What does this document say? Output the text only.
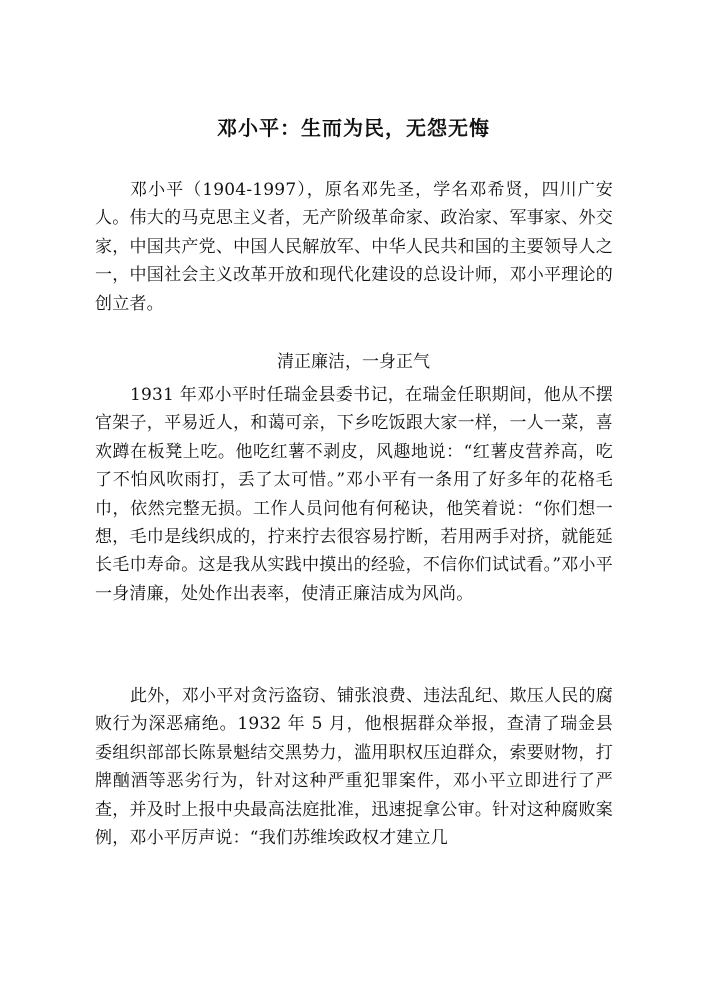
邓小平：生而为民，无怨无悔

邓小平（1904-1997），原名邓先圣，学名邓希贤，四川广安人。伟大的马克思主义者，无产阶级革命家、政治家、军事家、外交家，中国共产党、中国人民解放军、中华人民共和国的主要领导人之一，中国社会主义改革开放和现代化建设的总设计师，邓小平理论的创立者。

清正廉洁，一身正气

1931 年邓小平时任瑞金县委书记，在瑞金任职期间，他从不摆官架子，平易近人，和蔼可亲，下乡吃饭跟大家一样，一人一菜，喜欢蹲在板凳上吃。他吃红薯不剥皮，风趣地说：“红薯皮营养高，吃了不怕风吹雨打，丢了太可惜。”邓小平有一条用了好多年的花格毛巾，依然完整无损。工作人员问他有何秘诀，他笑着说：“你们想一想，毛巾是线织成的，拧来拧去很容易拧断，若用两手对挤，就能延长毛巾寿命。这是我从实践中摸出的经验，不信你们试试看。”邓小平一身清廉，处处作出表率，使清正廉洁成为风尚。

此外，邓小平对贪污盗窃、铺张浪费、违法乱纪、欺压人民的腐败行为深恶痛绝。1932 年 5 月，他根据群众举报，查清了瑞金县委组织部部长陈景魁结交黑势力，滥用职权压迫群众，索要财物，打牌酗酒等恶劣行为，针对这种严重犯罪案件，邓小平立即进行了严查，并及时上报中央最高法庭批准，迅速捉拿公审。针对这种腐败案例，邓小平厉声说：“我们苏维埃政权才建立几
